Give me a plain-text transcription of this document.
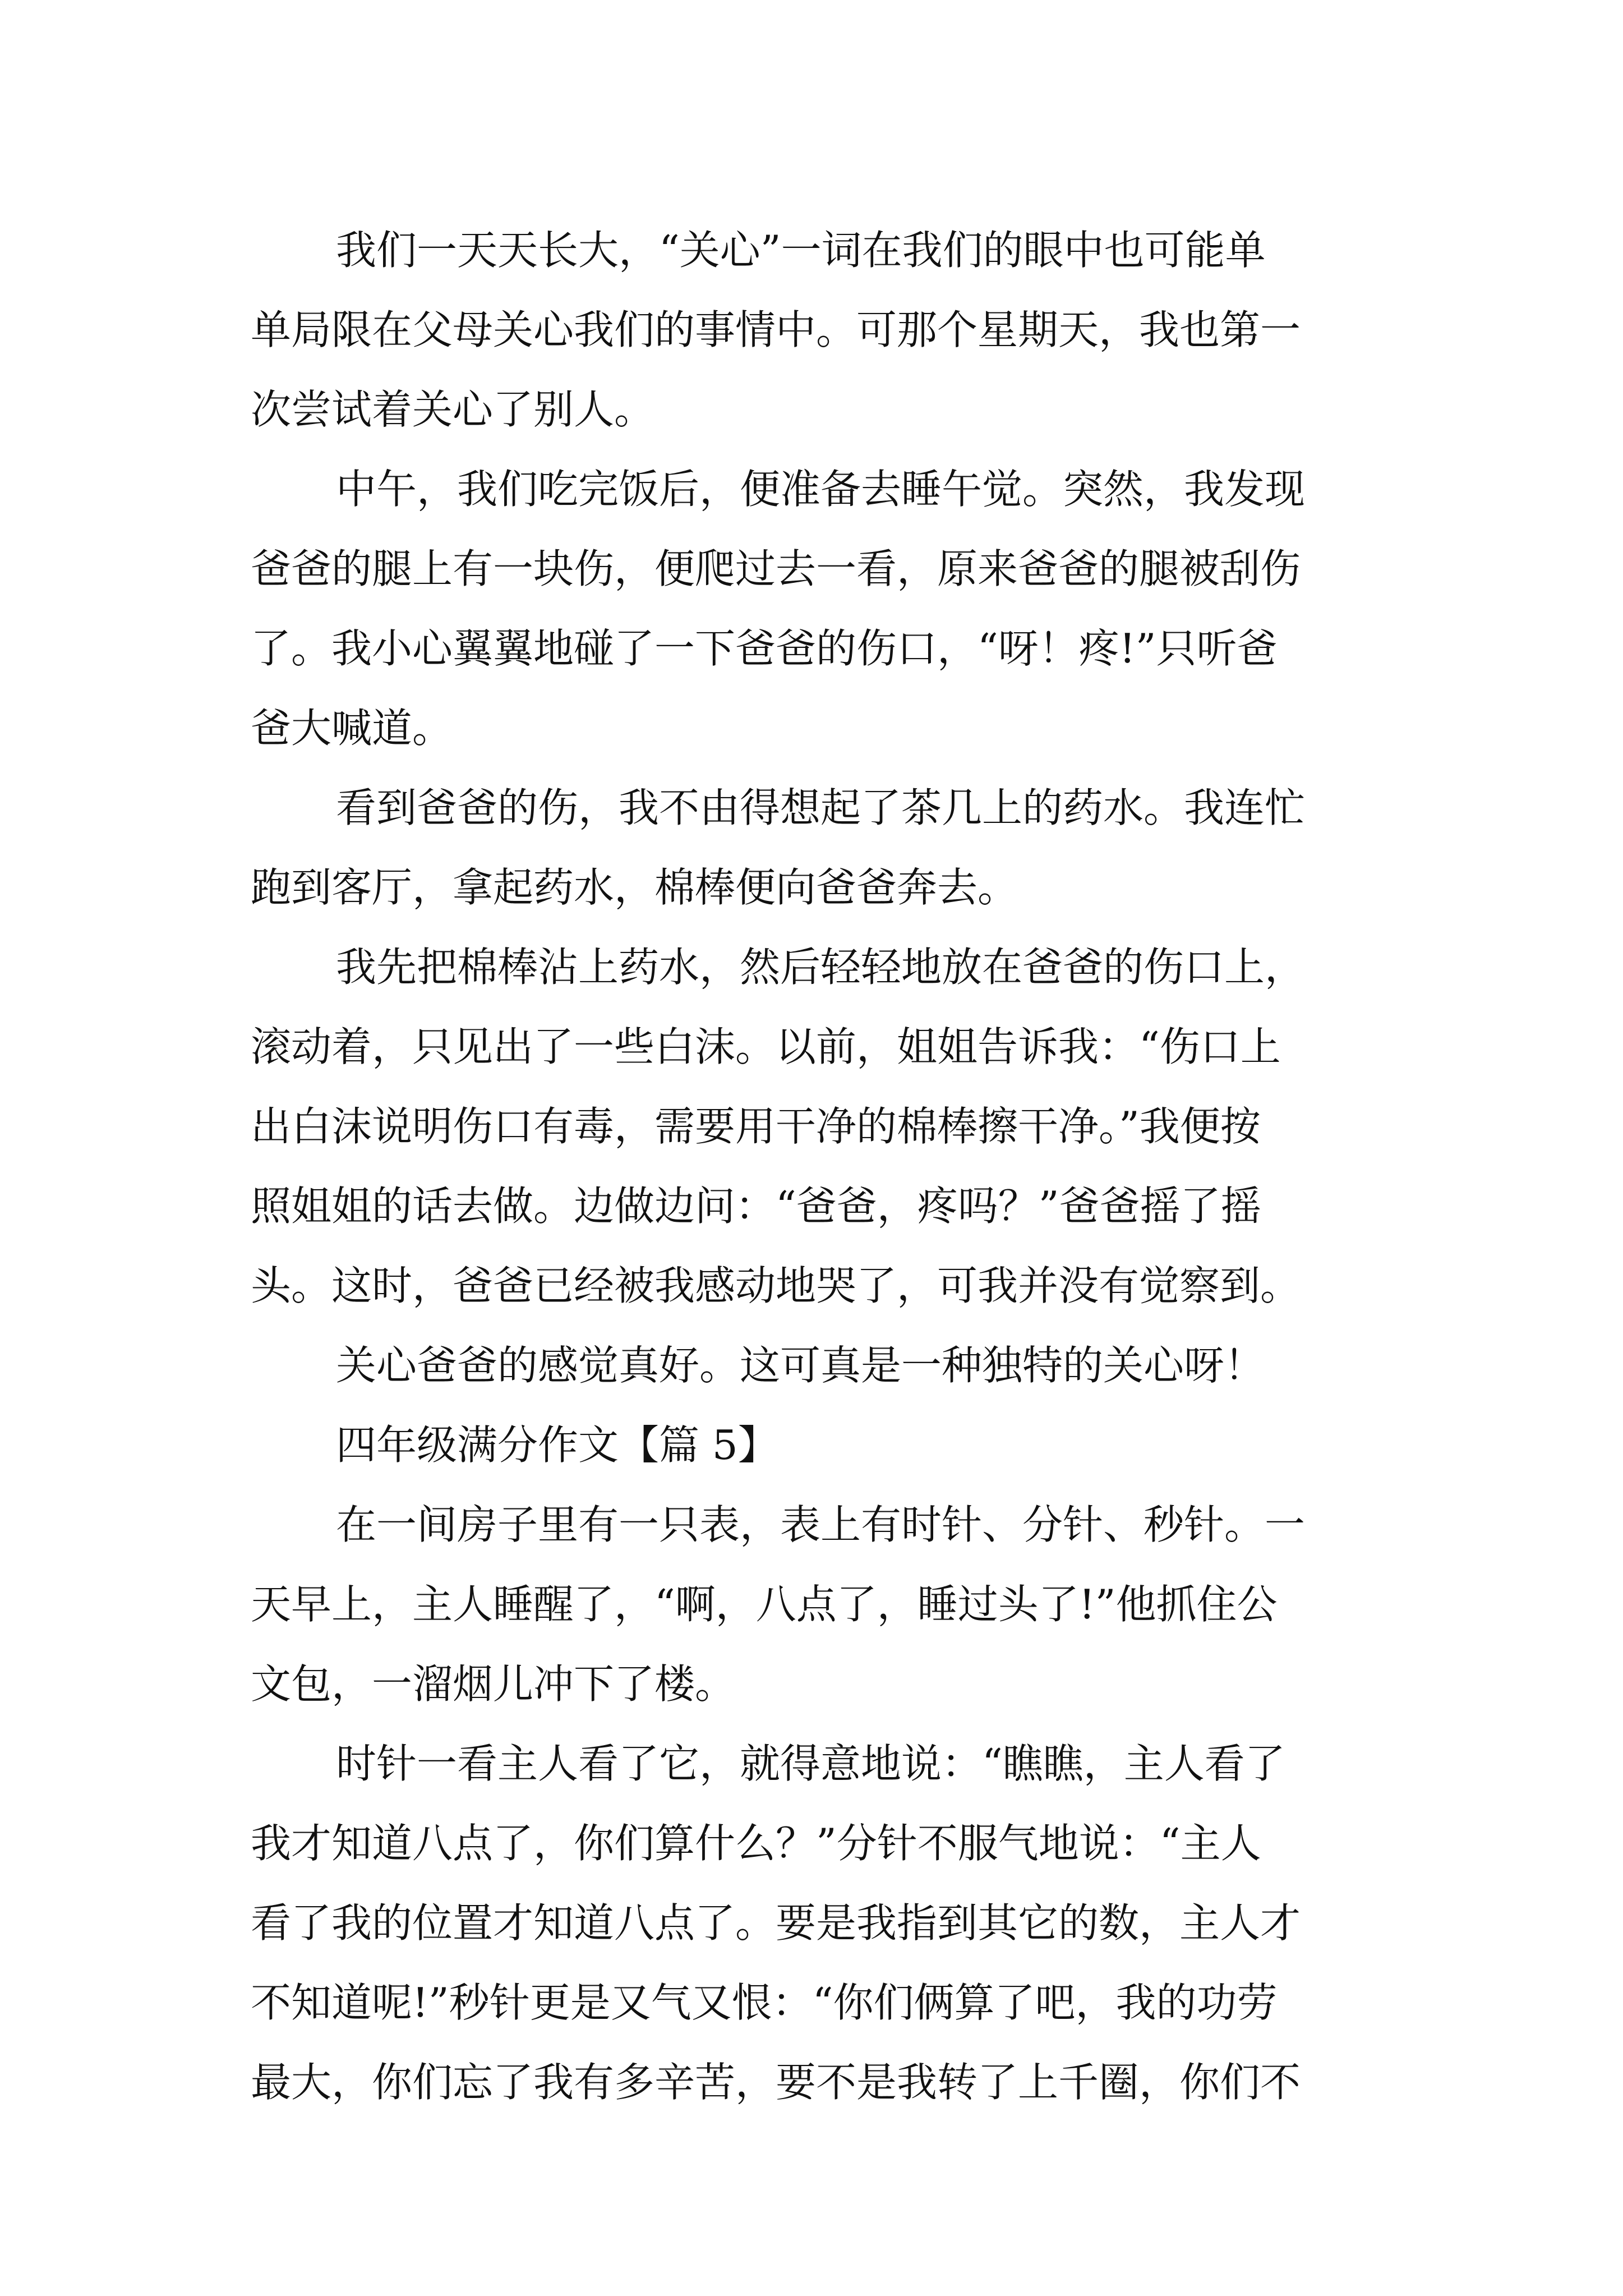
我们一天天长大，“关心”一词在我们的眼中也可能单
单局限在父母关心我们的事情中。可那个星期天，我也第一
次尝试着关心了别人。
中午，我们吃完饭后，便准备去睡午觉。突然，我发现
爸爸的腿上有一块伤，便爬过去一看，原来爸爸的腿被刮伤
了。我小心翼翼地碰了一下爸爸的伤口，“呀！疼!”只听爸
爸大喊道。
看到爸爸的伤，我不由得想起了茶几上的药水。我连忙
跑到客厅，拿起药水，棉棒便向爸爸奔去。
我先把棉棒沾上药水，然后轻轻地放在爸爸的伤口上，
滚动着，只见出了一些白沫。以前，姐姐告诉我：“伤口上
出白沫说明伤口有毒，需要用干净的棉棒擦干净。”我便按
照姐姐的话去做。边做边问：“爸爸，疼吗？”爸爸摇了摇
头。这时，爸爸已经被我感动地哭了，可我并没有觉察到。
关心爸爸的感觉真好。这可真是一种独特的关心呀！
四年级满分作文【篇 5】
在一间房子里有一只表，表上有时针、分针、秒针。一
天早上，主人睡醒了，“啊，八点了，睡过头了!”他抓住公
文包，一溜烟儿冲下了楼。
时针一看主人看了它，就得意地说：“瞧瞧，主人看了
我才知道八点了，你们算什么？”分针不服气地说：“主人
看了我的位置才知道八点了。要是我指到其它的数，主人才
不知道呢!”秒针更是又气又恨：“你们俩算了吧，我的功劳
最大，你们忘了我有多辛苦，要不是我转了上千圈，你们不
